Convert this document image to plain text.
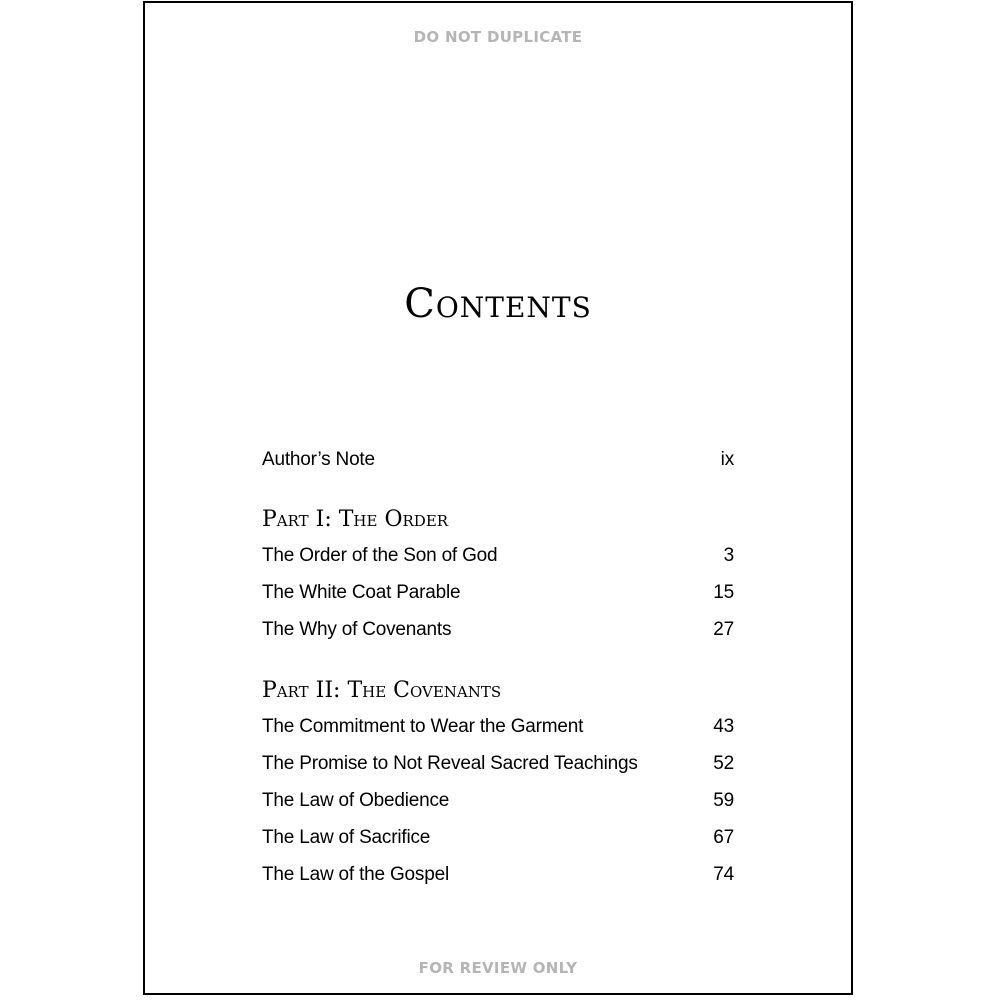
DO NOT DUPLICATE
Contents
Author’s Note	ix
Part I: The Order
The Order of the Son of God	3
The White Coat Parable	15
The Why of Covenants	27
Part II: The Covenants
The Commitment to Wear the Garment	43
The Promise to Not Reveal Sacred Teachings	52
The Law of Obedience	59
The Law of Sacrifice	67
The Law of the Gospel	74
FOR REVIEW ONLY
